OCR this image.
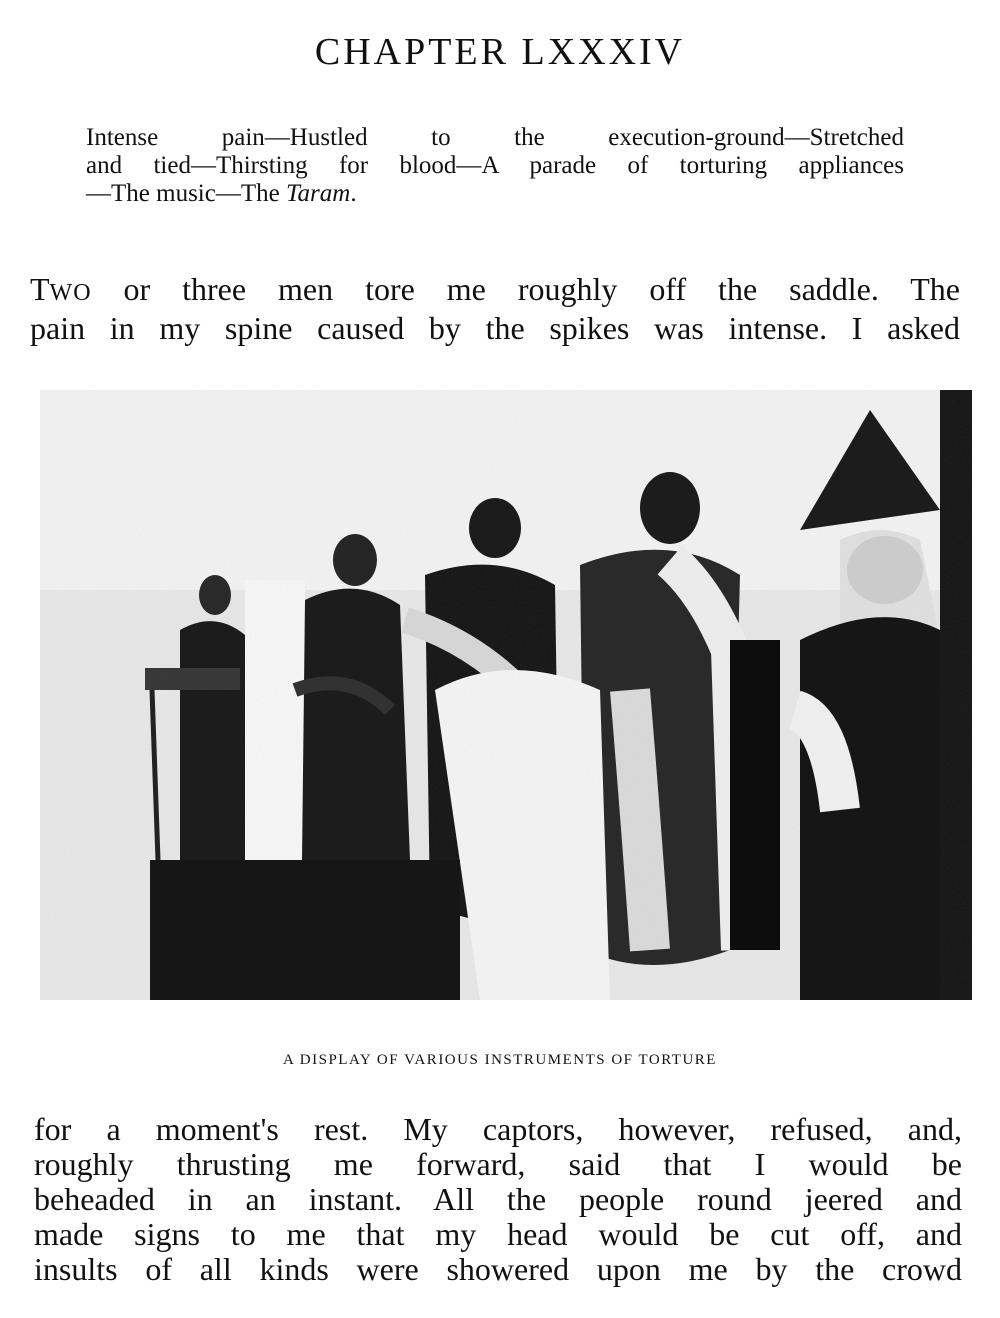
CHAPTER LXXXIV

Intense pain—Hustled to the execution-ground—Stretched
and tied—Thirsting for blood—A parade of torturing appliances
—The music—The Taram.

TWO or three men tore me roughly off the saddle. The
pain in my spine caused by the spikes was intense. I asked

A DISPLAY OF VARIOUS INSTRUMENTS OF TORTURE

for a moment's rest. My captors, however, refused, and,
roughly thrusting me forward, said that I would be
beheaded in an instant. All the people round jeered and
made signs to me that my head would be cut off, and
insults of all kinds were showered upon me by the crowd
